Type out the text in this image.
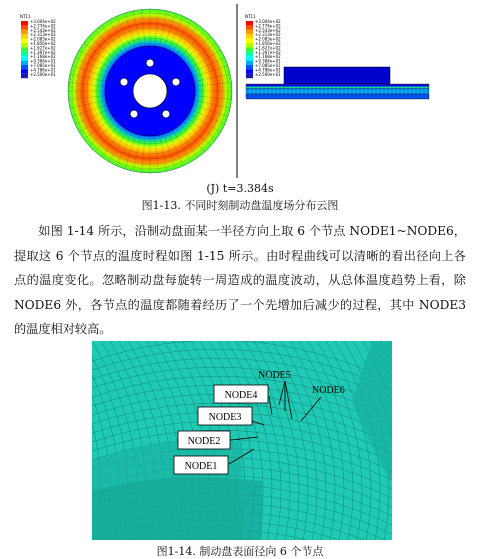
NT11
+3.004e+02
+2.774e+02
+2.543e+02
+2.313e+02
+2.083e+02
+1.856e+02
+1.627e+02
+1.397e+02
+1.168e+02
+9.384e+01
+7.085e+01
+4.786e+01
+2.500e+01
NT11
+3.004e+02
+2.774e+02
+2.543e+02
+2.313e+02
+2.083e+02
+1.856e+02
+1.627e+02
+1.397e+02
+1.168e+02
+9.384e+01
+7.085e+01
+4.786e+01
+2.500e+01
(J) t=3.384s
图1-13. 不同时刻制动盘温度场分布云图
如图 1-14 所示，沿制动盘面某一半径方向上取 6 个节点 NODE1~NODE6，提取这 6 个节点的温度时程如图 1-15 所示。由时程曲线可以清晰的看出径向上各点的温度变化。忽略制动盘每旋转一周造成的温度波动，从总体温度趋势上看，除 NODE6 外，各节点的温度都随着经历了一个先增加后减少的过程，其中 NODE3 的温度相对较高。
NODE1
NODE2
NODE3
NODE4
NODE5
NODE6
图1-14. 制动盘表面径向 6 个节点
